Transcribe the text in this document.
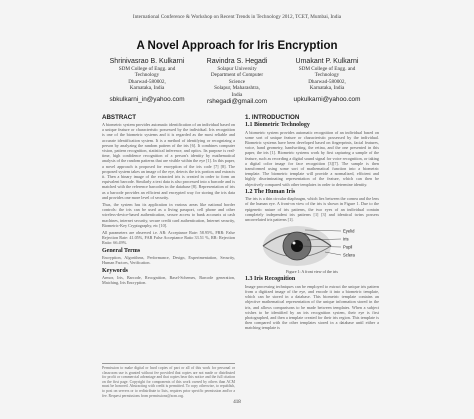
International Conference & Workshop on Recent Trends in Technology 2012, TCET, Mumbai, India
A Novel Approach for Iris Encryption
Shrinivasrao B. Kulkarni
SDM College of Engg. and
Technology
Dharwad-580002,
Karnataka, India
sbkulkarni_in@yahoo.com
Ravindra S. Hegadi
Solapur University
Department of Computer
Science
Solapur, Maharashtra,
India
rshegadi@gmail.com
Umakant P. Kulkarni
SDM College of Engg. and
Technology
Dharwad-580002,
Karnataka, India
upkulkarni@yahoo.com
ABSTRACT

A biometric system provides automatic identification of an individual based on a unique feature or characteristic possessed by the individual. Iris recognition is one of the biometric systems and it is regarded as the most reliable and accurate identification system. It is a method of identifying or recognizing a person by analyzing the random pattern of the iris [6]. It combines computer vision, pattern recognition, statistical inference, and optics. Its purpose is real-time, high confidence recognition of a person's identity by mathematical analysis of the random patterns that are visible within the eye [1]. In this paper, a novel approach is proposed for encryption of the iris code [7] [8]. The proposed system takes an image of the eye, detects the iris portion and extracts it. Then a binary image of the extracted iris is created in order to form an equivalent barcode. Similarly a text data is also processed into a barcode and is matched with the reference barcodes in the database [8]. Representation of iris as a barcode provides an efficient and encrypted way for storing the iris data and provides one more level of security.

Thus, the system has its application in various areas like national border controls: the iris can be used as a living passport, cell phone and other wireless-device-based authentication, secure access to bank accounts at cash machines, internet security, secure credit card authentication, Internet security, Biometric-Key Cryptography, etc [10].

All parameters are observed i.e. AR: Acceptance Rate: 58.95%, FRR: False Rejection Rate: 41.05%, FAR False Acceptance Ratio 33.51 %, RR: Rejection Ratio: 66.49%.

General Terms

Encryption, Algorithms, Performance, Design, Experimentation, Security, Human Factors, Verification.

Keywords

Armor, Iris, Barcode, Recognition, Basel-Schemes, Barcode generation, Matching, Iris Encryption.

Permission to make digital or hard copies of part or all of this work for personal or classroom use is granted without fee provided that copies are not made or distributed for profit or commercial advantage and that copies bear this notice and the full citation on the first page. Copyright for components of this work owned by others than ACM must be honored. Abstracting with credit is permitted. To copy otherwise, to republish, to post on servers or to redistribute to lists, requires prior specific permission and/or a fee. Request permissions from permissions@acm.org.

1. INTRODUCTION
1.1 Biometric Technology

A biometric system provides automatic recognition of an individual based on some sort of unique feature or characteristic possessed by the individual. Biometric systems have been developed based on fingerprints, facial features, voice, hand geometry, handwriting, the retina, and the one presented in this paper, the iris [1]. Biometric systems work by first capturing a sample of the feature, such as recording a digital sound signal for voice recognition, or taking a digital color image for face recognition [3][7]. The sample is then transformed using some sort of mathematical function into a biometric template. The biometric template will provide a normalized, efficient and highly discriminating representation of the feature, which can then be objectively compared with other templates in order to determine identity.

1.2 The Human Iris

The iris is a thin circular diaphragm, which lies between the cornea and the lens of the human eye. A front-on view of the iris is shown in Figure 1. Due to the epigenetic nature of iris patterns, the two eyes of an individual contain completely independent iris patterns [1] [3] and identical twins possess uncorrelated iris patterns [1].

Eyelid
Iris
Pupil
Sclera
Figure 1: A front view of the iris
1.3 Iris Recognition

Image processing techniques can be employed to extract the unique iris pattern from a digitized image of the eye, and encode it into a biometric template, which can be stored in a database. This biometric template contains an objective mathematical representation of the unique information stored in the iris, and allows comparisons to be made between templates. When a subject wishes to be identified by an iris recognition system, their eye is first photographed, and then a template created for their iris region. This template is then compared with the other templates stored in a database until either a matching template is

418
